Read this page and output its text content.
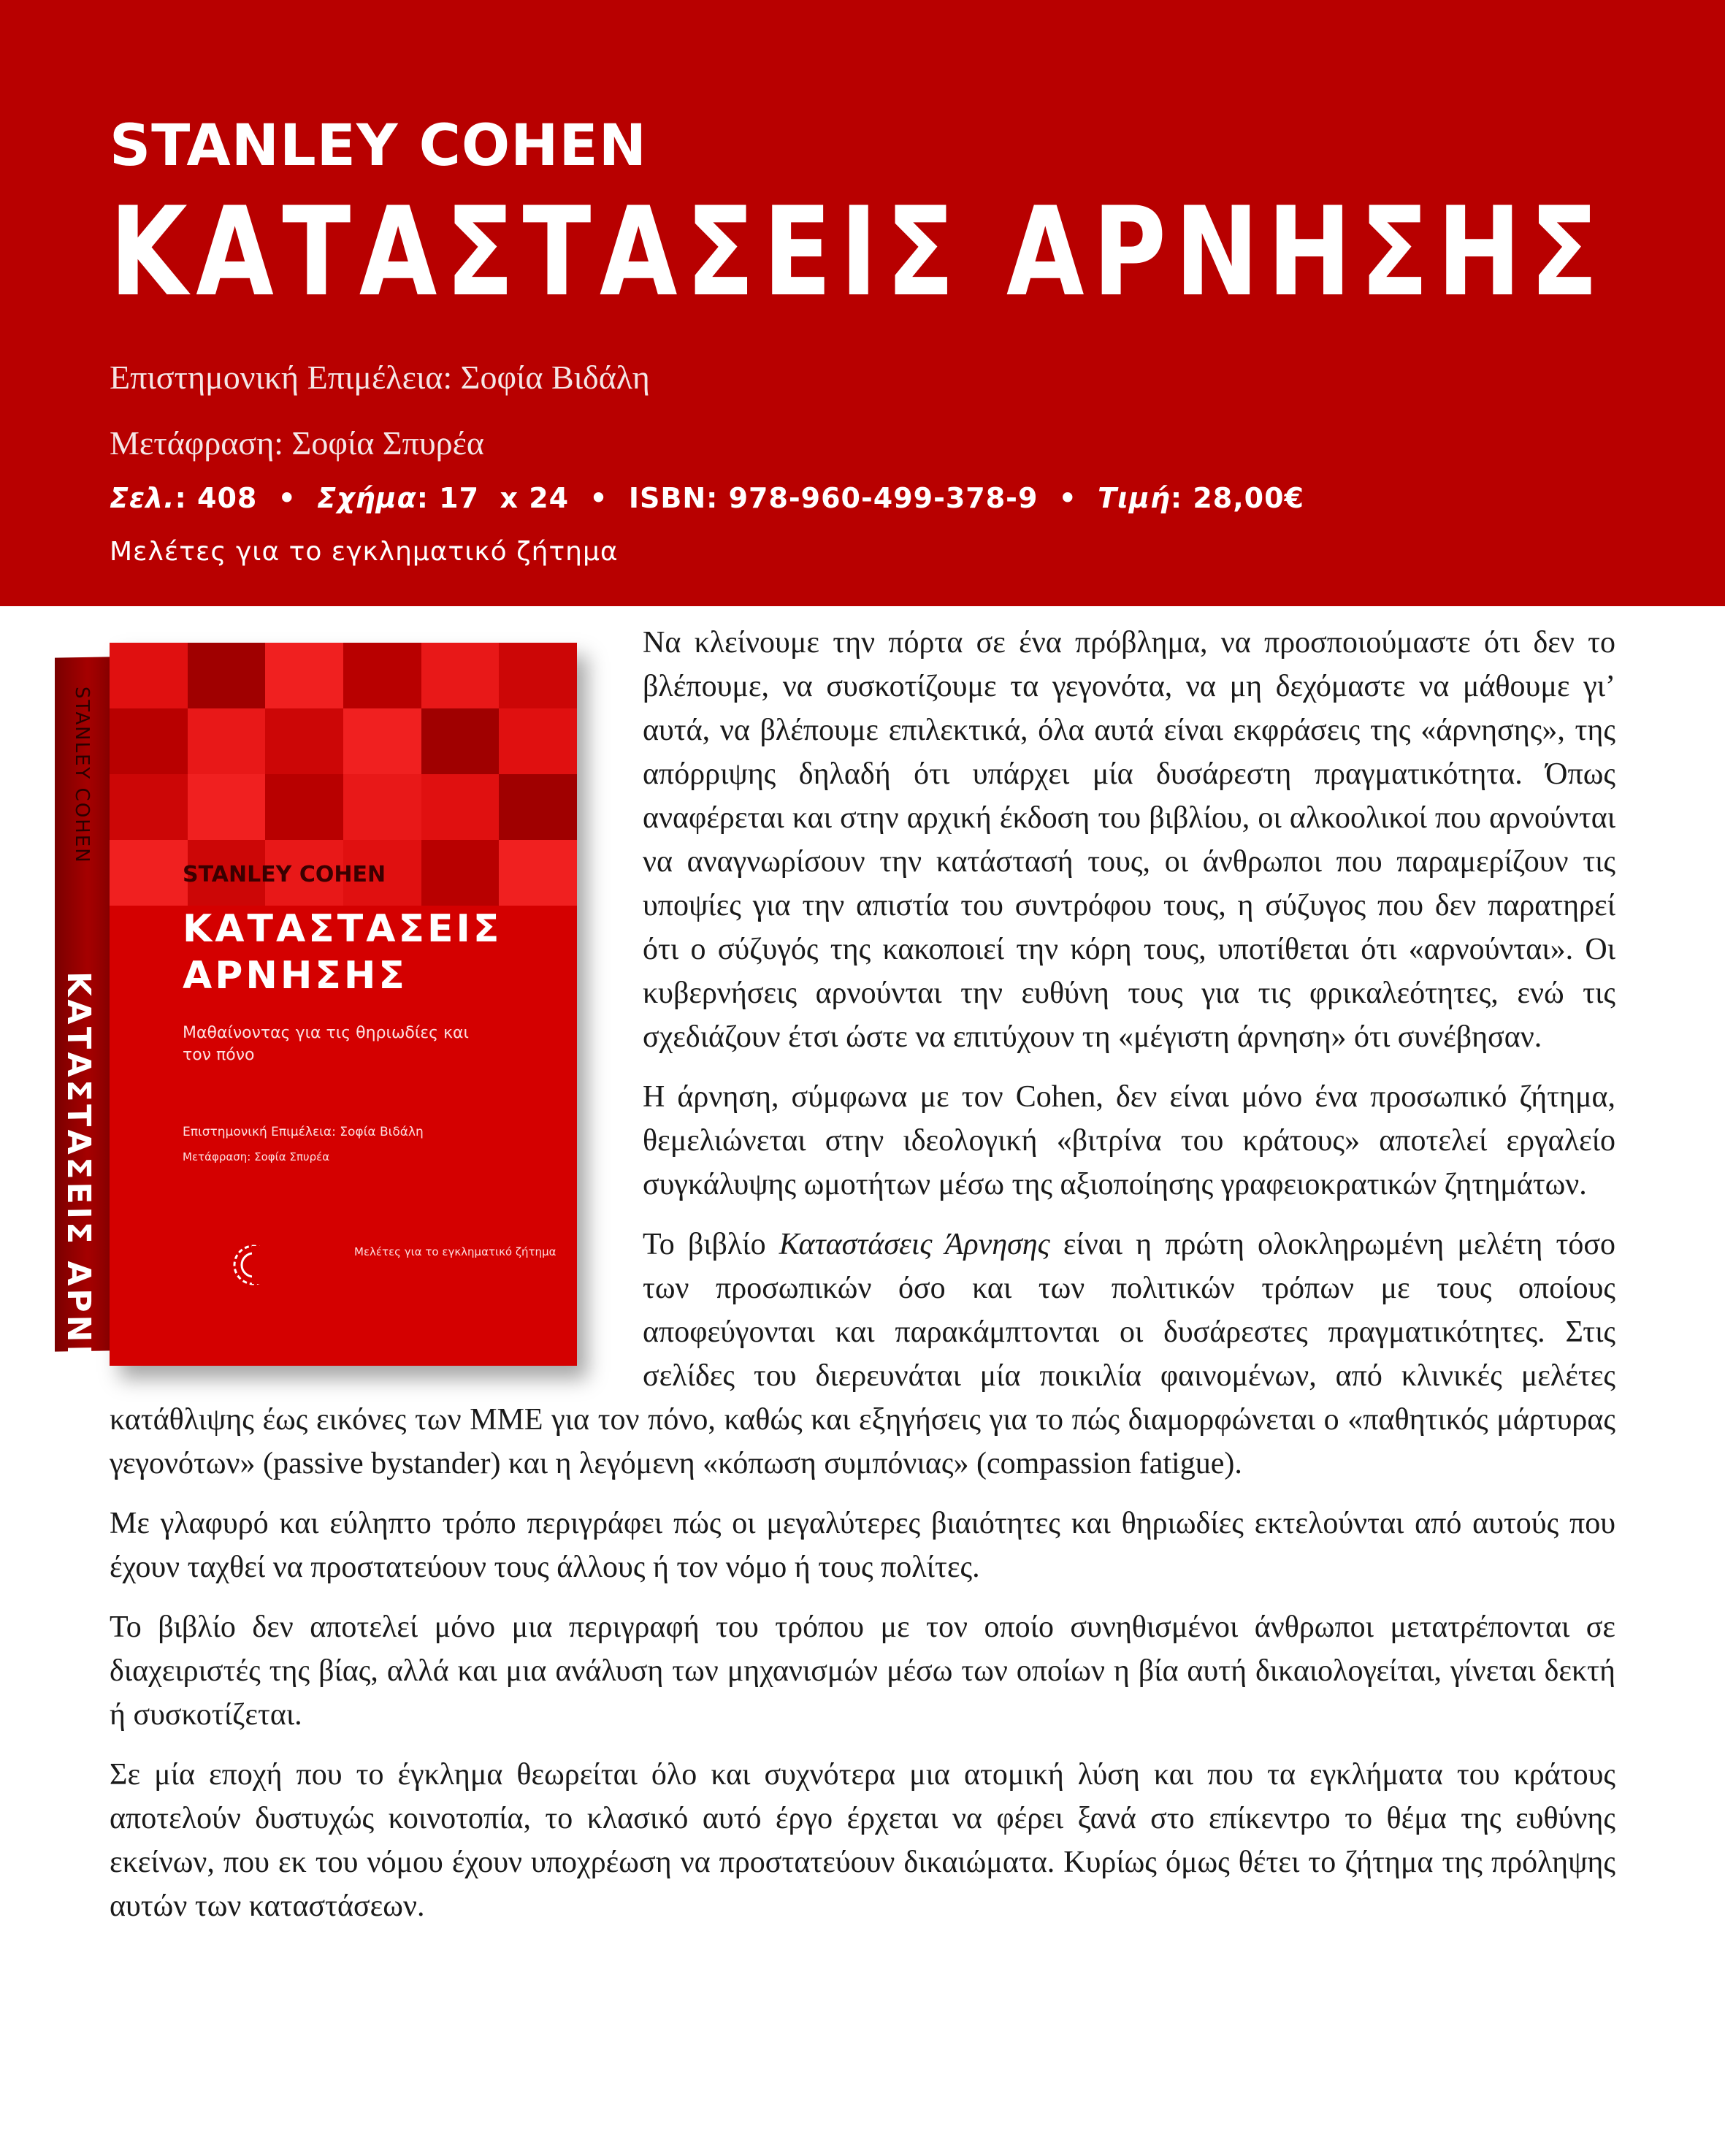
STANLEY COHEN
ΚΑΤΑΣΤΑΣΕΙΣ ΑΡΝΗΣΗΣ
Επιστημονική Επιμέλεια: Σοφία Βιδάλη
Μετάφραση: Σοφία Σπυρέα
Σελ.: 408 • Σχήμα: 17  x 24 • ISBN: 978-960-499-378-9 • Τιμή: 28,00€
Μελέτες για το εγκληματικό ζήτημα
STANLEY COHEN
ΚΑΤΑΣΤΑΣΕΙΣ ΑΡΝΗΣΗΣ
STANLEY COHEN
ΚΑΤΑΣΤΑΣΕΙΣ
ΑΡΝΗΣΗΣ
Μαθαίνοντας για τις θηριωδίες και τον πόνο
Επιστημονική Επιμέλεια: Σοφία Βιδάλη
Μετάφραση: Σοφία Σπυρέα
Μελέτες για το εγκληματικό ζήτημα

Να κλείνουμε την πόρτα σε ένα πρόβλημα, να προσποιούμαστε ότι δεν το βλέπουμε, να συσκοτίζουμε τα γεγονότα, να μη δεχόμαστε να μάθουμε γι’ αυτά, να βλέπουμε επιλεκτικά, όλα αυτά είναι εκφράσεις της «άρνησης», της απόρριψης δηλαδή ότι υπάρχει μία δυσάρεστη πραγματικότητα. Όπως αναφέρεται και στην αρχική έκδοση του βιβλίου, οι αλκοολικοί που αρνούνται να αναγνωρίσουν την κατάστασή τους, οι άνθρωποι που παραμερίζουν τις υποψίες για την απιστία του συντρόφου τους, η σύζυγος που δεν παρατηρεί ότι ο σύζυγός της κακοποιεί την κόρη τους, υποτίθεται ότι «αρνούνται». Οι κυβερνήσεις αρνούνται την ευθύνη τους για τις φρικαλεότητες, ενώ τις σχεδιάζουν έτσι ώστε να επιτύχουν τη «μέγιστη άρνηση» ότι συνέβησαν.

Η άρνηση, σύμφωνα με τον Cohen, δεν είναι μόνο ένα προσωπικό ζήτημα, θεμελιώνεται στην ιδεολογική «βιτρίνα του κράτους» αποτελεί εργαλείο συγκάλυψης ωμοτήτων μέσω της αξιοποίησης γραφειοκρατικών ζητημάτων.

Το βιβλίο Καταστάσεις Άρνησης είναι η πρώτη ολοκληρωμένη μελέτη τόσο των προσωπικών όσο και των πολιτικών τρόπων με τους οποίους αποφεύγονται και παρακάμπτονται οι δυσάρεστες πραγματικότητες. Στις σελίδες του διερευνάται μία ποικιλία φαινομένων, από κλινικές μελέτες κατάθλιψης έως εικόνες των ΜΜΕ για τον πόνο, καθώς και εξηγήσεις για το πώς διαμορφώνεται ο «παθητικός μάρτυρας γεγονότων» (passive bystander) και η λεγόμενη «κόπωση συμπόνιας» (compassion fatigue).

Με γλαφυρό και εύληπτο τρόπο περιγράφει πώς οι μεγαλύτερες βιαιότητες και θηριωδίες εκτελούνται από αυτούς που έχουν ταχθεί να προστατεύουν τους άλλους ή τον νόμο ή τους πολίτες.

Το βιβλίο δεν αποτελεί μόνο μια περιγραφή του τρόπου με τον οποίο συνηθισμένοι άνθρωποι μετατρέπονται σε διαχειριστές της βίας, αλλά και μια ανάλυση των μηχανισμών μέσω των οποίων η βία αυτή δικαιολογείται, γίνεται δεκτή ή συσκοτίζεται.

Σε μία εποχή που το έγκλημα θεωρείται όλο και συχνότερα μια ατομική λύση και που τα εγκλήματα του κράτους αποτελούν δυστυχώς κοινοτοπία, το κλασικό αυτό έργο έρχεται να φέρει ξανά στο επίκεντρο το θέμα της ευθύνης εκείνων, που εκ του νόμου έχουν υποχρέωση να προστατεύουν δικαιώματα. Κυρίως όμως θέτει το ζήτημα της πρόληψης αυτών των καταστάσεων.
